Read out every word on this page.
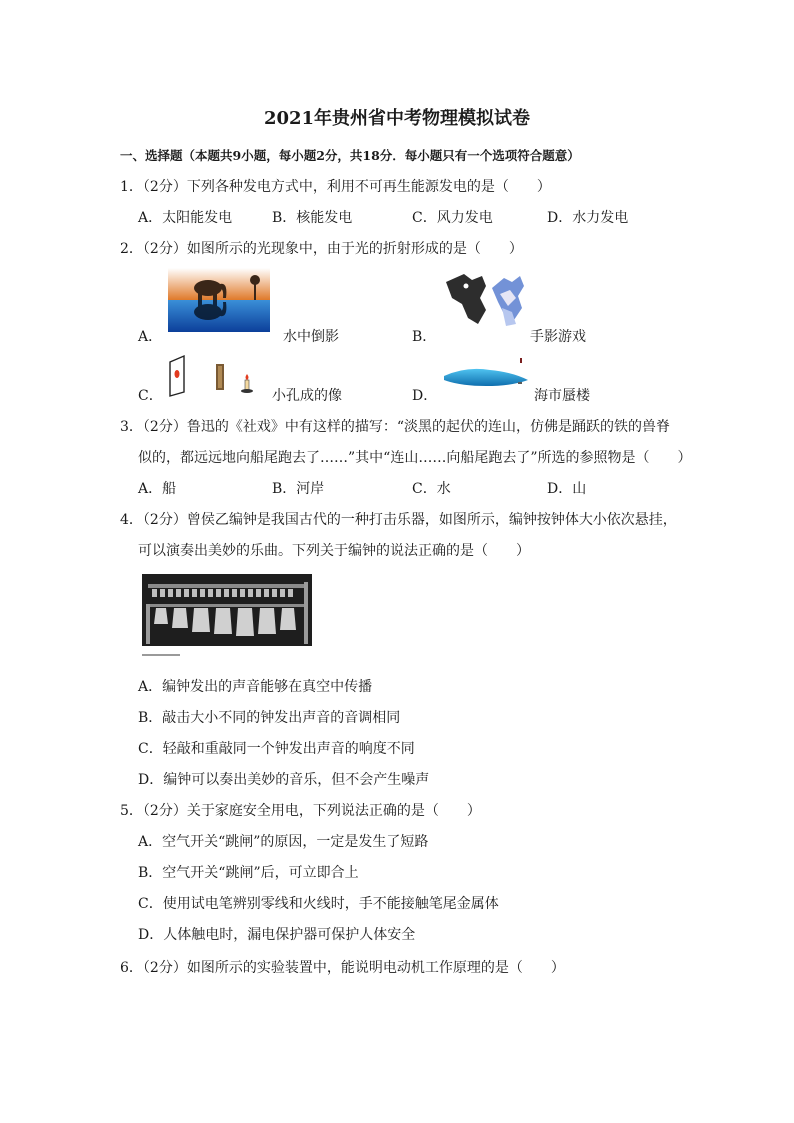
2021年贵州省中考物理模拟试卷
一、选择题（本题共9小题，每小题2分，共18分．每小题只有一个选项符合题意）
1．（2分）下列各种发电方式中，利用不可再生能源发电的是（　　）
A．太阳能发电	B．核能发电	C．风力发电	D．水力发电
2．（2分）如图所示的光现象中，由于光的折射形成的是（　　）
A．	水中倒影	B．	手影游戏
C．	小孔成的像	D．	海市蜃楼
3．（2分）鲁迅的《社戏》中有这样的描写：“淡黑的起伏的连山，仿佛是踊跃的铁的兽脊
似的，都远远地向船尾跑去了……”其中“连山……向船尾跑去了”所选的参照物是（　　）
A．船	B．河岸	C．水	D．山
4．（2分）曾侯乙编钟是我国古代的一种打击乐器，如图所示，编钟按钟体大小依次悬挂，
可以演奏出美妙的乐曲。下列关于编钟的说法正确的是（　　）
A．编钟发出的声音能够在真空中传播
B．敲击大小不同的钟发出声音的音调相同
C．轻敲和重敲同一个钟发出声音的响度不同
D．编钟可以奏出美妙的音乐，但不会产生噪声
5．（2分）关于家庭安全用电，下列说法正确的是（　　）
A．空气开关“跳闸”的原因，一定是发生了短路
B．空气开关“跳闸”后，可立即合上
C．使用试电笔辨别零线和火线时，手不能接触笔尾金属体
D．人体触电时，漏电保护器可保护人体安全
6．（2分）如图所示的实验装置中，能说明电动机工作原理的是（　　）
